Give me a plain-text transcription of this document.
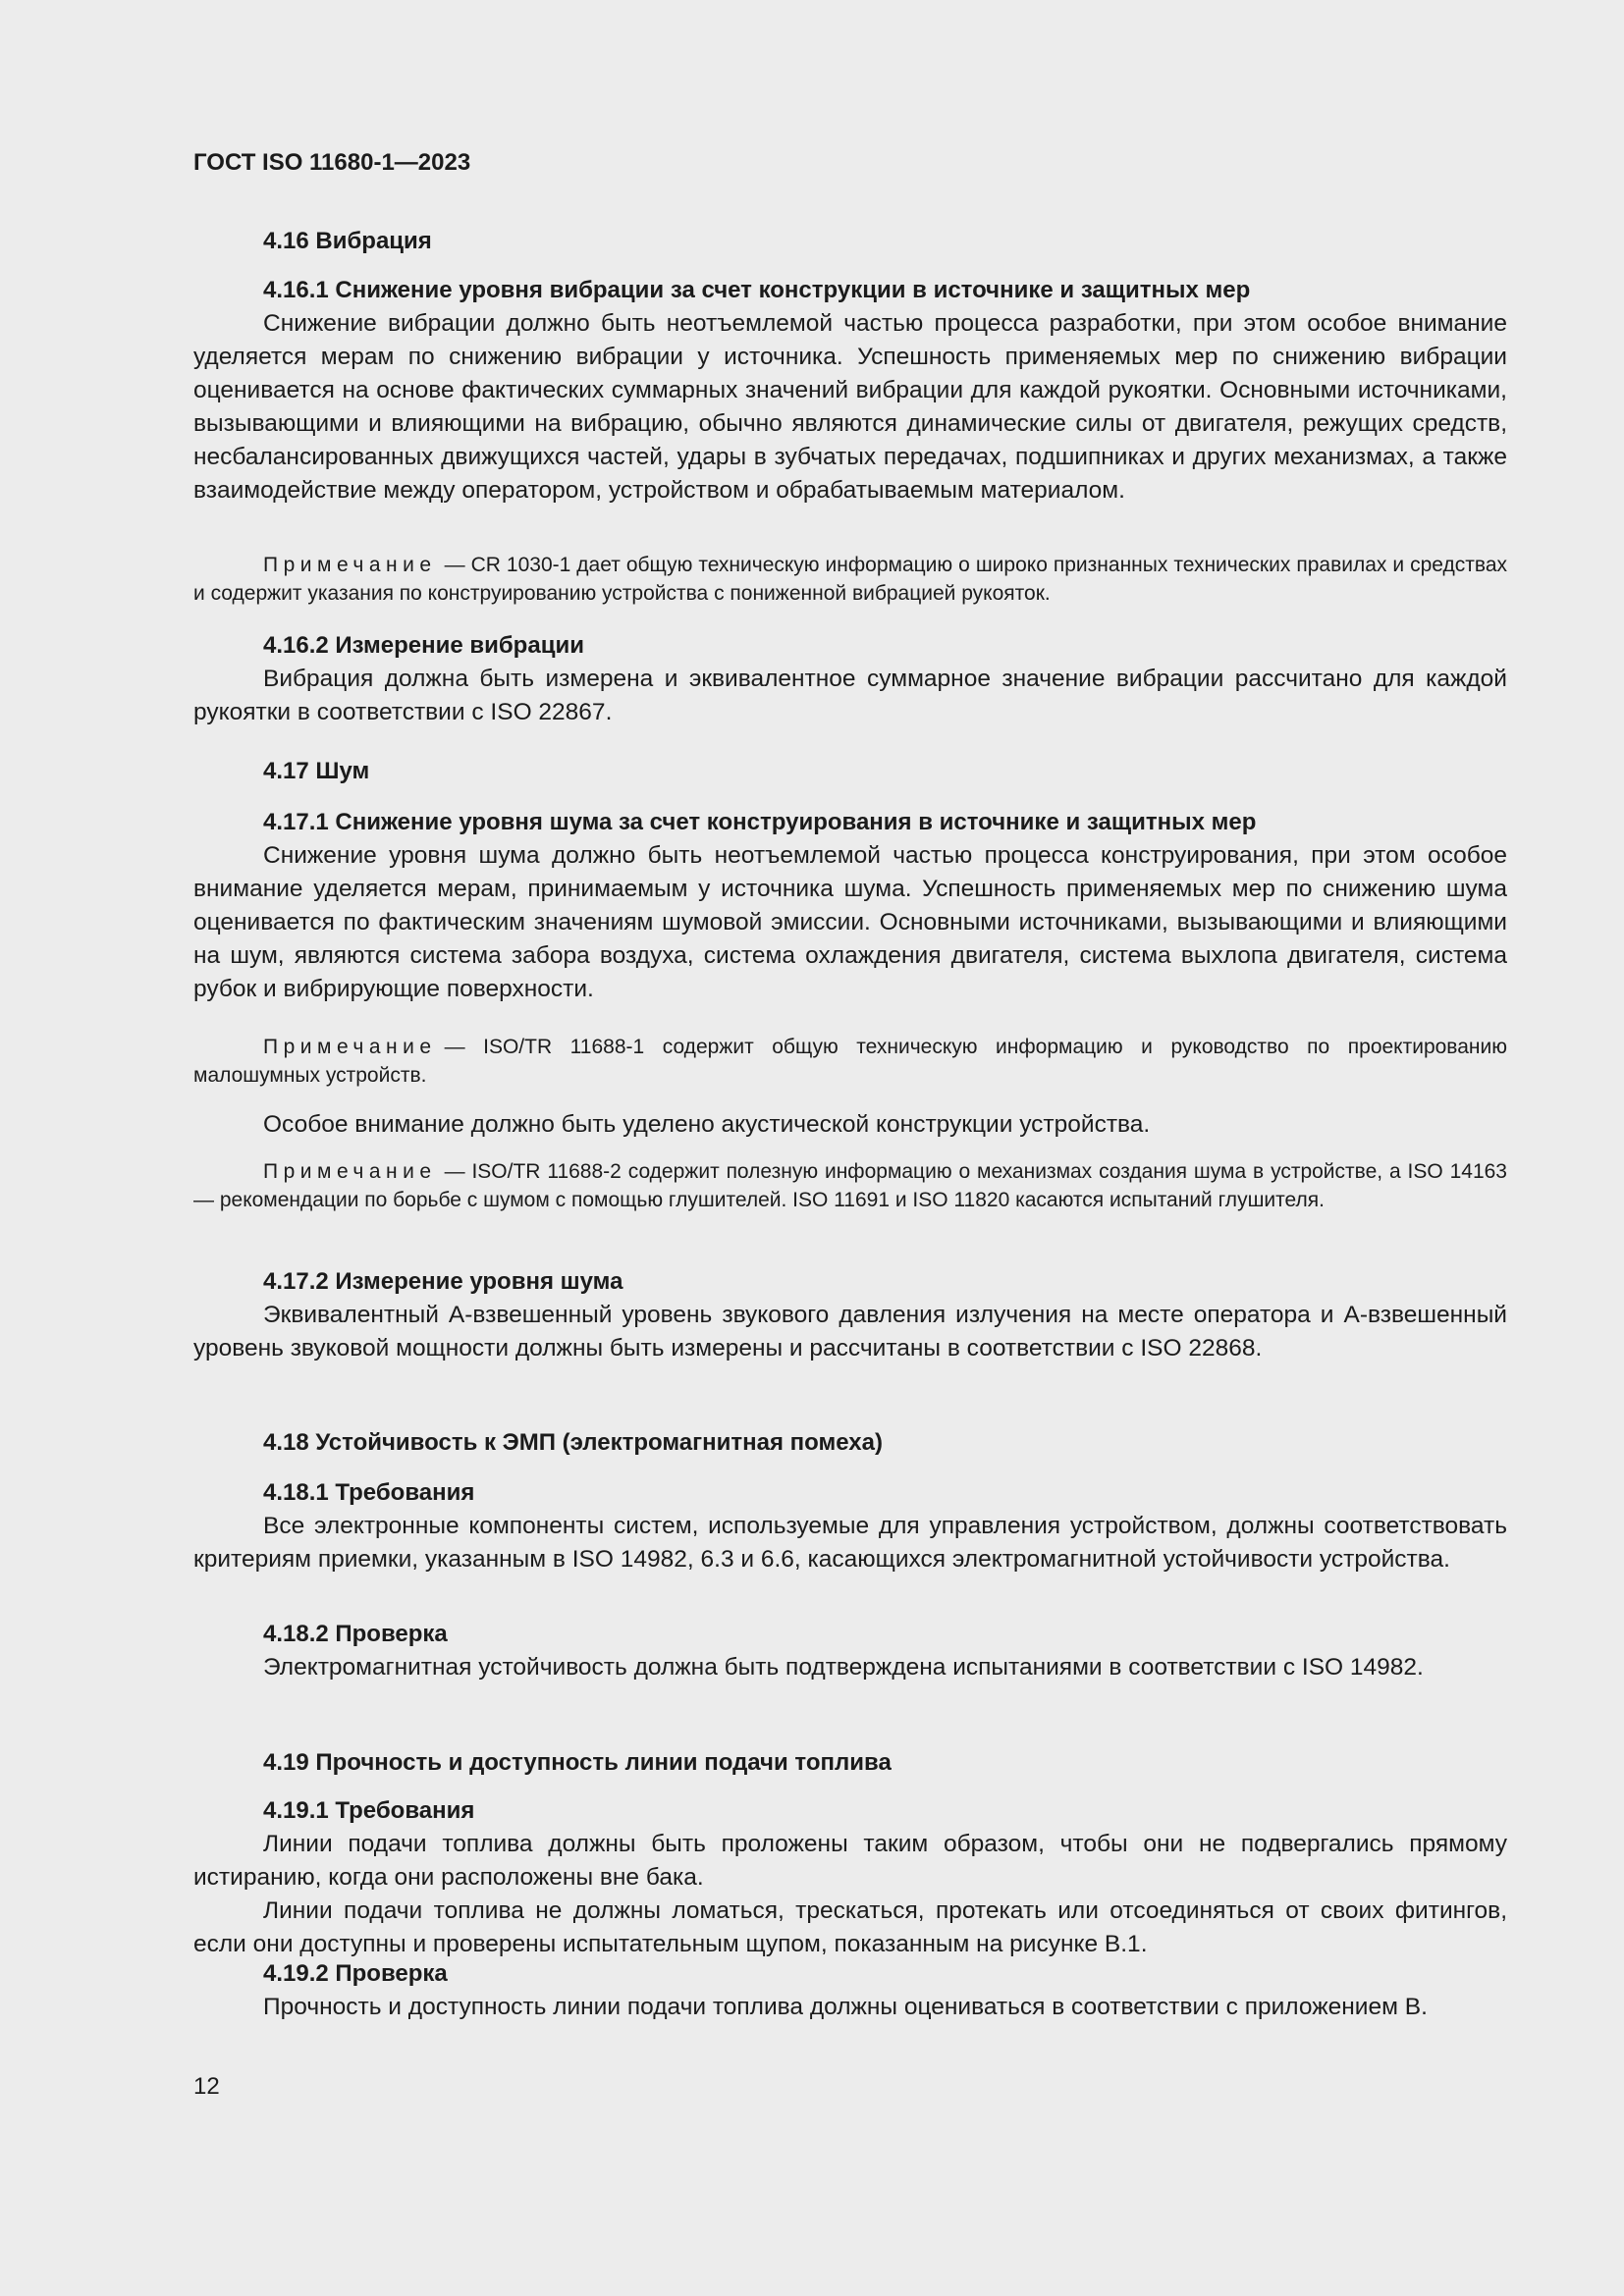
ГОСТ ISO 11680-1—2023
4.16 Вибрация
4.16.1 Снижение уровня вибрации за счет конструкции в источнике и защитных мер

Снижение вибрации должно быть неотъемлемой частью процесса разработки, при этом особое внимание уделяется мерам по снижению вибрации у источника. Успешность применяемых мер по снижению вибрации оценивается на основе фактических суммарных значений вибрации для каждой рукоятки. Основными источниками, вызывающими и влияющими на вибрацию, обычно являются динамические силы от двигателя, режущих средств, несбалансированных движущихся частей, удары в зубчатых передачах, подшипниках и других механизмах, а также взаимодействие между оператором, устройством и обрабатываемым материалом.

Примечание — CR 1030-1 дает общую техническую информацию о широко признанных технических правилах и средствах и содержит указания по конструированию устройства с пониженной вибрацией рукояток.

4.16.2 Измерение вибрации

Вибрация должна быть измерена и эквивалентное суммарное значение вибрации рассчитано для каждой рукоятки в соответствии с ISO 22867.

4.17 Шум
4.17.1 Снижение уровня шума за счет конструирования в источнике и защитных мер

Снижение уровня шума должно быть неотъемлемой частью процесса конструирования, при этом особое внимание уделяется мерам, принимаемым у источника шума. Успешность применяемых мер по снижению шума оценивается по фактическим значениям шумовой эмиссии. Основными источниками, вызывающими и влияющими на шум, являются система забора воздуха, система охлаждения двигателя, система выхлопа двигателя, система рубок и вибрирующие поверхности.

Примечание — ISO/TR 11688-1 содержит общую техническую информацию и руководство по проектированию малошумных устройств.

Особое внимание должно быть уделено акустической конструкции устройства.

Примечание — ISO/TR 11688-2 содержит полезную информацию о механизмах создания шума в устройстве, а ISO 14163 — рекомендации по борьбе с шумом с помощью глушителей. ISO 11691 и ISO 11820 касаются испытаний глушителя.

4.17.2 Измерение уровня шума

Эквивалентный А-взвешенный уровень звукового давления излучения на месте оператора и А-взвешенный уровень звуковой мощности должны быть измерены и рассчитаны в соответствии с ISO 22868.

4.18 Устойчивость к ЭМП (электромагнитная помеха)
4.18.1 Требования

Все электронные компоненты систем, используемые для управления устройством, должны соответствовать критериям приемки, указанным в ISO 14982, 6.3 и 6.6, касающихся электромагнитной устойчивости устройства.

4.18.2 Проверка

Электромагнитная устойчивость должна быть подтверждена испытаниями в соответствии с ISO 14982.

4.19 Прочность и доступность линии подачи топлива
4.19.1 Требования

Линии подачи топлива должны быть проложены таким образом, чтобы они не подвергались прямому истиранию, когда они расположены вне бака.

Линии подачи топлива не должны ломаться, трескаться, протекать или отсоединяться от своих фитингов, если они доступны и проверены испытательным щупом, показанным на рисунке В.1.

4.19.2 Проверка

Прочность и доступность линии подачи топлива должны оцениваться в соответствии с приложением В.

12
